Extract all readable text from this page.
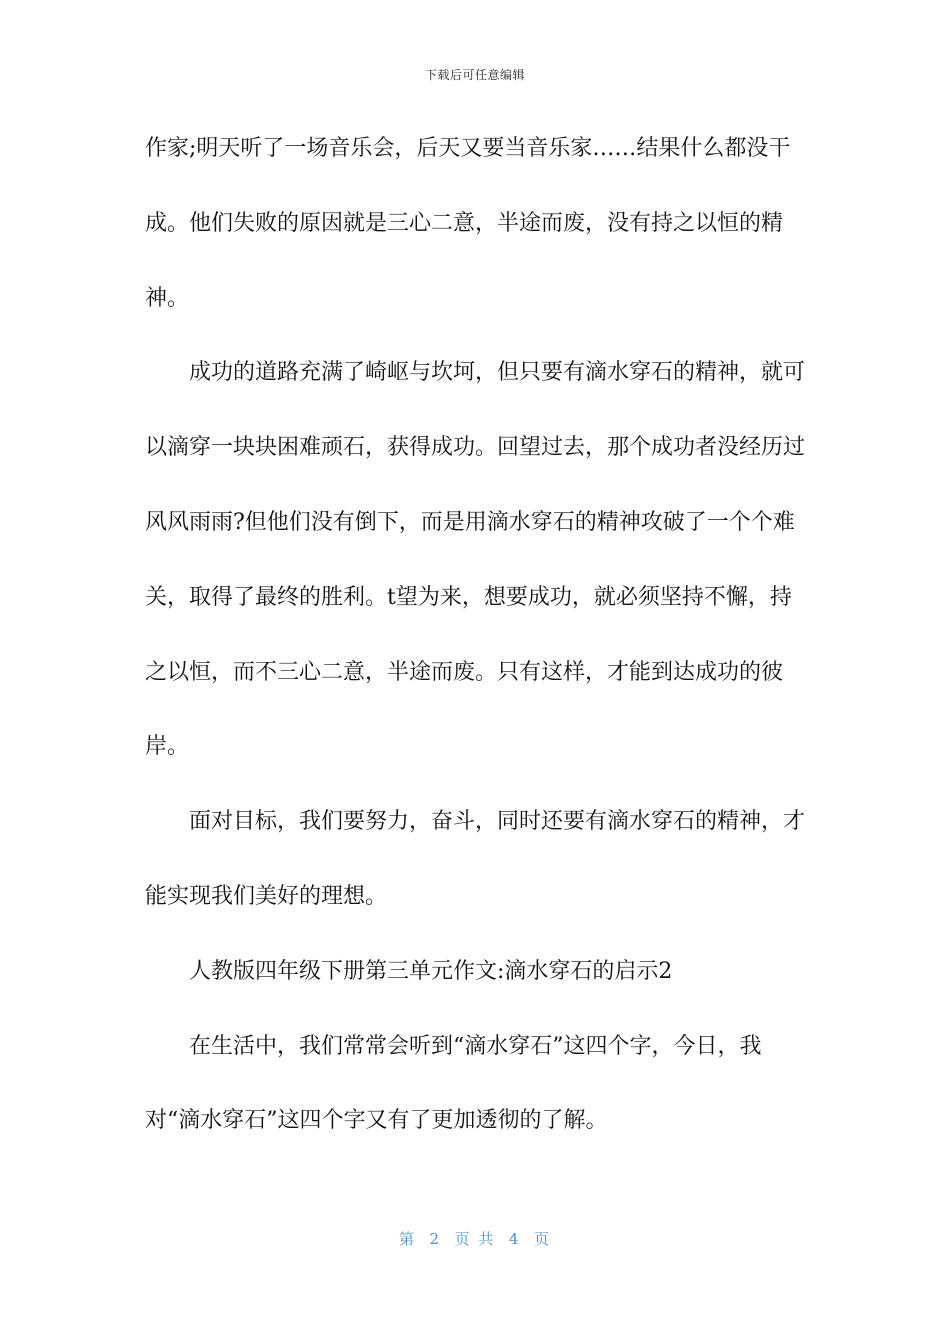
下载后可任意编辑

作家;明天听了一场音乐会，后天又要当音乐家……结果什么都没干成。他们失败的原因就是三心二意，半途而废，没有持之以恒的精神。

成功的道路充满了崎岖与坎坷，但只要有滴水穿石的精神，就可以滴穿一块块困难顽石，获得成功。回望过去，那个成功者没经历过风风雨雨?但他们没有倒下，而是用滴水穿石的精神攻破了一个个难关，取得了最终的胜利。t望为来，想要成功，就必须坚持不懈，持之以恒，而不三心二意，半途而废。只有这样，才能到达成功的彼岸。

面对目标，我们要努力，奋斗，同时还要有滴水穿石的精神，才能实现我们美好的理想。

人教版四年级下册第三单元作文:滴水穿石的启示2

在生活中，我们常常会听到“滴水穿石”这四个字，今日，我对“滴水穿石”这四个字又有了更加透彻的了解。

第  2  页 共  4  页
